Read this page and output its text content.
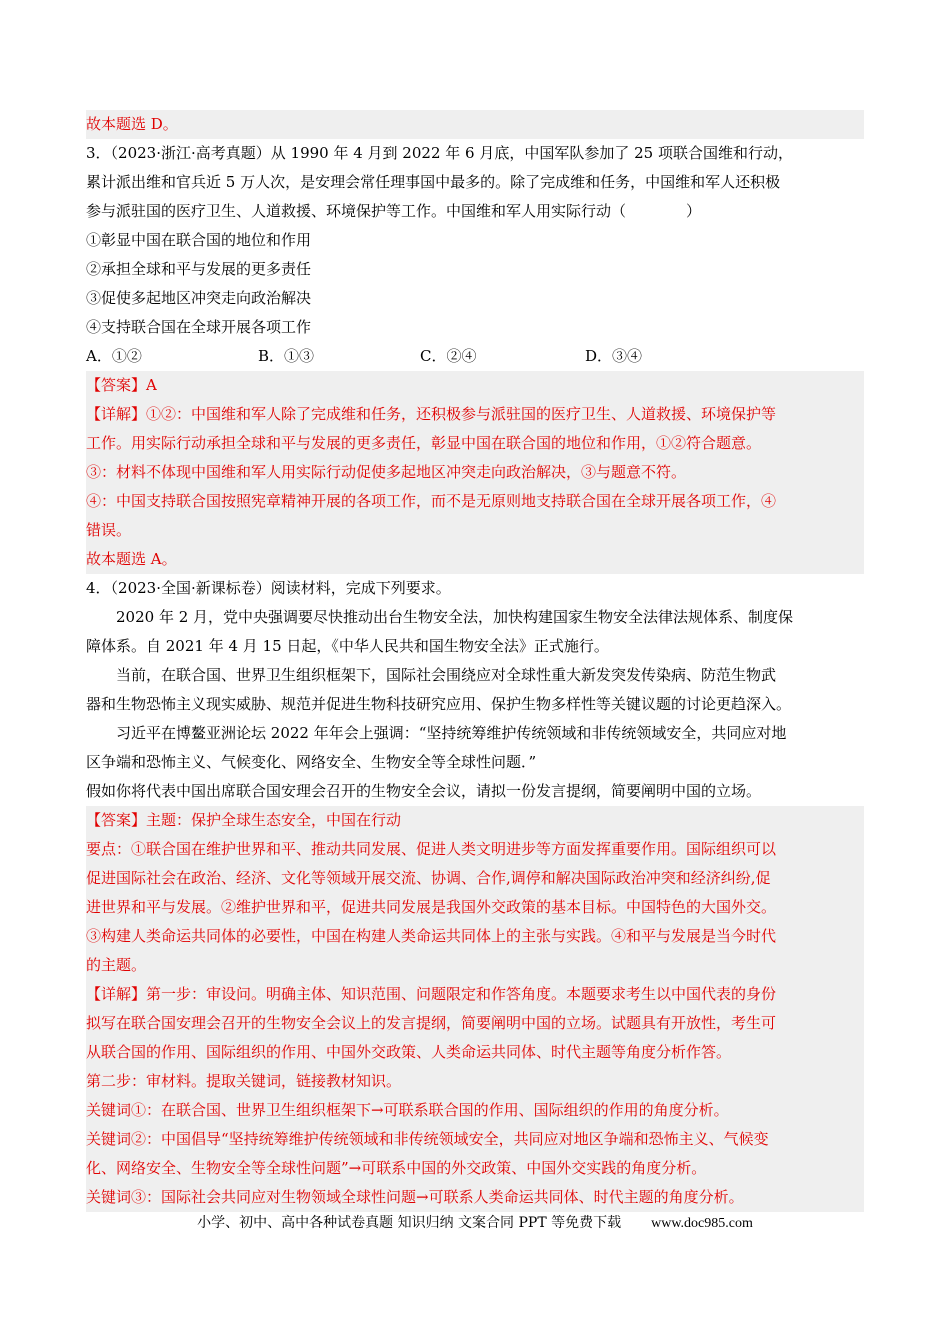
故本题选 D。
3．（2023·浙江·高考真题）从 1990 年 4 月到 2022 年 6 月底，中国军队参加了 25 项联合国维和行动，
累计派出维和官兵近 5 万人次，是安理会常任理事国中最多的。除了完成维和任务，中国维和军人还积极
参与派驻国的医疗卫生、人道救援、环境保护等工作。中国维和军人用实际行动（　　　　）
①彰显中国在联合国的地位和作用
②承担全球和平与发展的更多责任
③促使多起地区冲突走向政治解决
④支持联合国在全球开展各项工作
A．①②	B．①③	C．②④	D．③④
【答案】A
【详解】①②：中国维和军人除了完成维和任务，还积极参与派驻国的医疗卫生、人道救援、环境保护等
工作。用实际行动承担全球和平与发展的更多责任，彰显中国在联合国的地位和作用，①②符合题意。
③：材料不体现中国维和军人用实际行动促使多起地区冲突走向政治解决，③与题意不符。
④：中国支持联合国按照宪章精神开展的各项工作，而不是无原则地支持联合国在全球开展各项工作，④
错误。
故本题选 A。
4．（2023·全国·新课标卷）阅读材料，完成下列要求。
2020 年 2 月，党中央强调要尽快推动出台生物安全法，加快构建国家生物安全法律法规体系、制度保
障体系。自 2021 年 4 月 15 日起，《中华人民共和国生物安全法》正式施行。
当前，在联合国、世界卫生组织框架下，国际社会围绕应对全球性重大新发突发传染病、防范生物武
器和生物恐怖主义现实威胁、规范并促进生物科技研究应用、保护生物多样性等关键议题的讨论更趋深入。
习近平在博鳌亚洲论坛 2022 年年会上强调：“坚持统筹维护传统领域和非传统领域安全，共同应对地
区争端和恐怖主义、气候变化、网络安全、生物安全等全球性问题．”
假如你将代表中国出席联合国安理会召开的生物安全会议，请拟一份发言提纲，简要阐明中国的立场。
【答案】主题：保护全球生态安全，中国在行动
要点：①联合国在维护世界和平、推动共同发展、促进人类文明进步等方面发挥重要作用。国际组织可以
促进国际社会在政治、经济、文化等领域开展交流、协调、合作,调停和解决国际政治冲突和经济纠纷,促
进世界和平与发展。②维护世界和平，促进共同发展是我国外交政策的基本目标。中国特色的大国外交。
③构建人类命运共同体的必要性，中国在构建人类命运共同体上的主张与实践。④和平与发展是当今时代
的主题。
【详解】第一步：审设问。明确主体、知识范围、问题限定和作答角度。本题要求考生以中国代表的身份
拟写在联合国安理会召开的生物安全会议上的发言提纲，简要阐明中国的立场。试题具有开放性，考生可
从联合国的作用、国际组织的作用、中国外交政策、人类命运共同体、时代主题等角度分析作答。
第二步：审材料。提取关键词，链接教材知识。
关键词①：在联合国、世界卫生组织框架下→可联系联合国的作用、国际组织的作用的角度分析。
关键词②：中国倡导“坚持统筹维护传统领域和非传统领域安全，共同应对地区争端和恐怖主义、气候变
化、网络安全、生物安全等全球性问题”→可联系中国的外交政策、中国外交实践的角度分析。
关键词③：国际社会共同应对生物领域全球性问题→可联系人类命运共同体、时代主题的角度分析。
小学、初中、高中各种试卷真题 知识归纳 文案合同 PPT 等免费下载 www.doc985.com
